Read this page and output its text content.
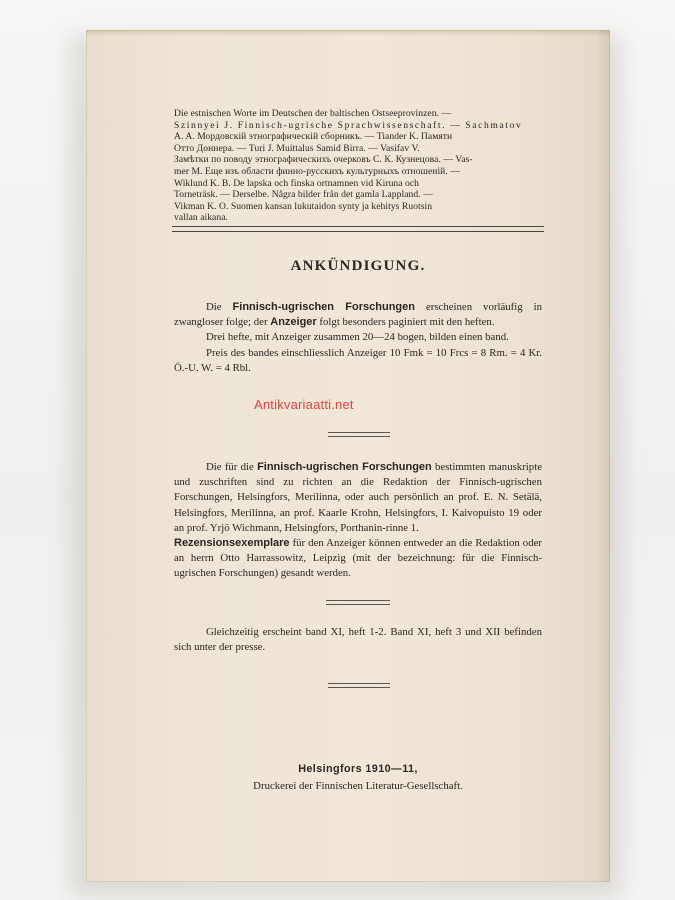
Die estnischen Worte im Deutschen der baltischen Ostseeprovinzen. —
Szinnyei J. Finnisch-ugrische Sprachwissenschaft. — Sachmatov
A. A. Мордовскій этнографическій сборникъ. — Tiander K. Памяти
Отто Доннера. — Turi J. Muittalus Samid Birra. — Vasifav V.
Замѣтки по поводу этнографическихъ очерковъ С. К. Кузнецова. — Vas-
mer M. Еще изъ области финно-русскихъ культурныхъ отношеній. —
Wiklund K. B. De lapska och finska ortnamnen vid Kiruna och
Torneträsk. — Derselbe. Några bilder från det gamla Lappland. —
Vikman K. O. Suomen kansan lukutaidon synty ja kehitys Ruotsin
vallan aikana.
ANKÜNDIGUNG.

Die Finnisch-ugrischen Forschungen erscheinen vorläufig in zwangloser folge; der Anzeiger folgt besonders paginiert mit den heften.

Drei hefte, mit Anzeiger zusammen 20—24 bogen, bilden einen band.

Preis des bandes einschliesslich Anzeiger 10 Fmk = 10 Frcs = 8 Rm. = 4 Kr. Ö.-U. W. = 4 Rbl.

Antikvariaatti.net

Die für die Finnisch-ugrischen Forschungen bestimmten manuskripte und zuschriften sind zu richten an die Redaktion der Finnisch-ugrischen Forschungen, Helsingfors, Merilinna, oder auch persönlich an prof. E. N. Setälä, Helsingfors, Merilinna, an prof. Kaarle Krohn, Helsingfors, I. Kaivopuisto 19 oder an prof. Yrjö Wichmann, Helsingfors, Porthanin-rinne 1.

Rezensionsexemplare für den Anzeiger können entweder an die Redaktion oder an herrn Otto Harrassowitz, Leipzig (mit der bezeichnung: für die Finnisch-ugrischen Forschungen) gesandt werden.

Gleichzeitig erscheint band XI, heft 1-2. Band XI, heft 3 und XII befinden sich unter der presse.

Helsingfors 1910—11,
Druckerei der Finnischen Literatur-Gesellschaft.
